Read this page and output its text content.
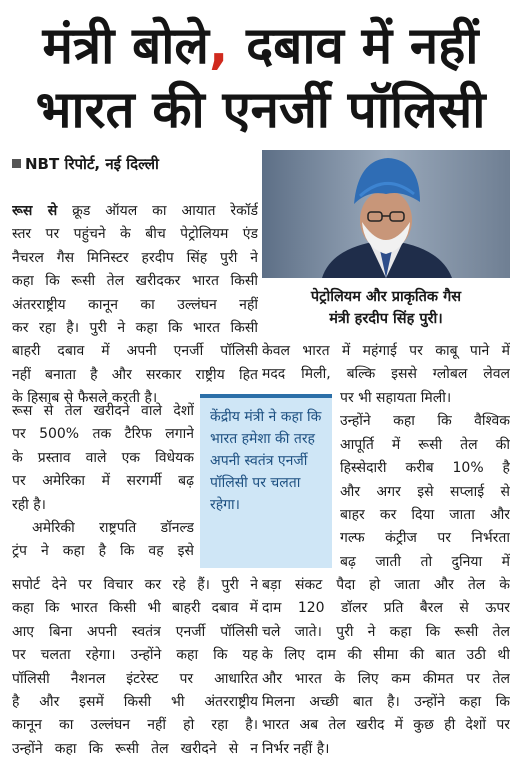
मंत्री बोले, दबाव में नहीं
भारत की एनर्जी पॉलिसी
NBT रिपोर्ट, नई दिल्ली
पेट्रोलियम और प्राकृतिक गैस
मंत्री हरदीप सिंह पुरी।
रूस से क्रूड ऑयल का आयात रेकॉर्ड
स्तर पर पहुंचने के बीच पेट्रोलियम एंड
नैचरल गैस मिनिस्टर हरदीप सिंह पुरी ने
कहा कि रूसी तेल खरीदकर भारत किसी
अंतरराष्ट्रीय कानून का उल्लंघन नहीं
कर रहा है। पुरी ने कहा कि भारत किसी
बाहरी दबाव में अपनी एनर्जी पॉलिसी
नहीं बनाता है और सरकार राष्ट्रीय हित
के हिसाब से फैसले करती है।
रूस से तेल खरीदने वाले देशों
पर 500% तक टैरिफ लगाने
के प्रस्ताव वाले एक विधेयक
पर अमेरिका में सरगर्मी बढ़
रही है।
अमेरिकी राष्ट्रपति डॉनल्ड
ट्रंप ने कहा है कि वह इसे
केंद्रीय मंत्री ने कहा कि भारत हमेशा की तरह अपनी स्वतंत्र एनर्जी पॉलिसी पर चलता रहेगा।
केवल भारत में महंगाई पर काबू पाने में
मदद मिली, बल्कि इससे ग्लोबल लेवल
पर भी सहायता मिली।
उन्होंने कहा कि वैश्विक
आपूर्ति में रूसी तेल की
हिस्सेदारी करीब 10% है
और अगर इसे सप्लाई से
बाहर कर दिया जाता और
गल्फ कंट्रीज पर निर्भरता
बढ़ जाती तो दुनिया में
सपोर्ट देने पर विचार कर रहे हैं। पुरी ने
कहा कि भारत किसी भी बाहरी दबाव में
आए बिना अपनी स्वतंत्र एनर्जी पॉलिसी
पर चलता रहेगा। उन्होंने कहा कि यह
पॉलिसी नैशनल इंटरेस्ट पर आधारित
है और इसमें किसी भी अंतरराष्ट्रीय
कानून का उल्लंघन नहीं हो रहा है।
उन्होंने कहा कि रूसी तेल खरीदने से न
बड़ा संकट पैदा हो जाता और तेल के
दाम 120 डॉलर प्रति बैरल से ऊपर
चले जाते। पुरी ने कहा कि रूसी तेल
के लिए दाम की सीमा की बात उठी थी
और भारत के लिए कम कीमत पर तेल
मिलना अच्छी बात है। उन्होंने कहा कि
भारत अब तेल खरीद में कुछ ही देशों पर
निर्भर नहीं है।
